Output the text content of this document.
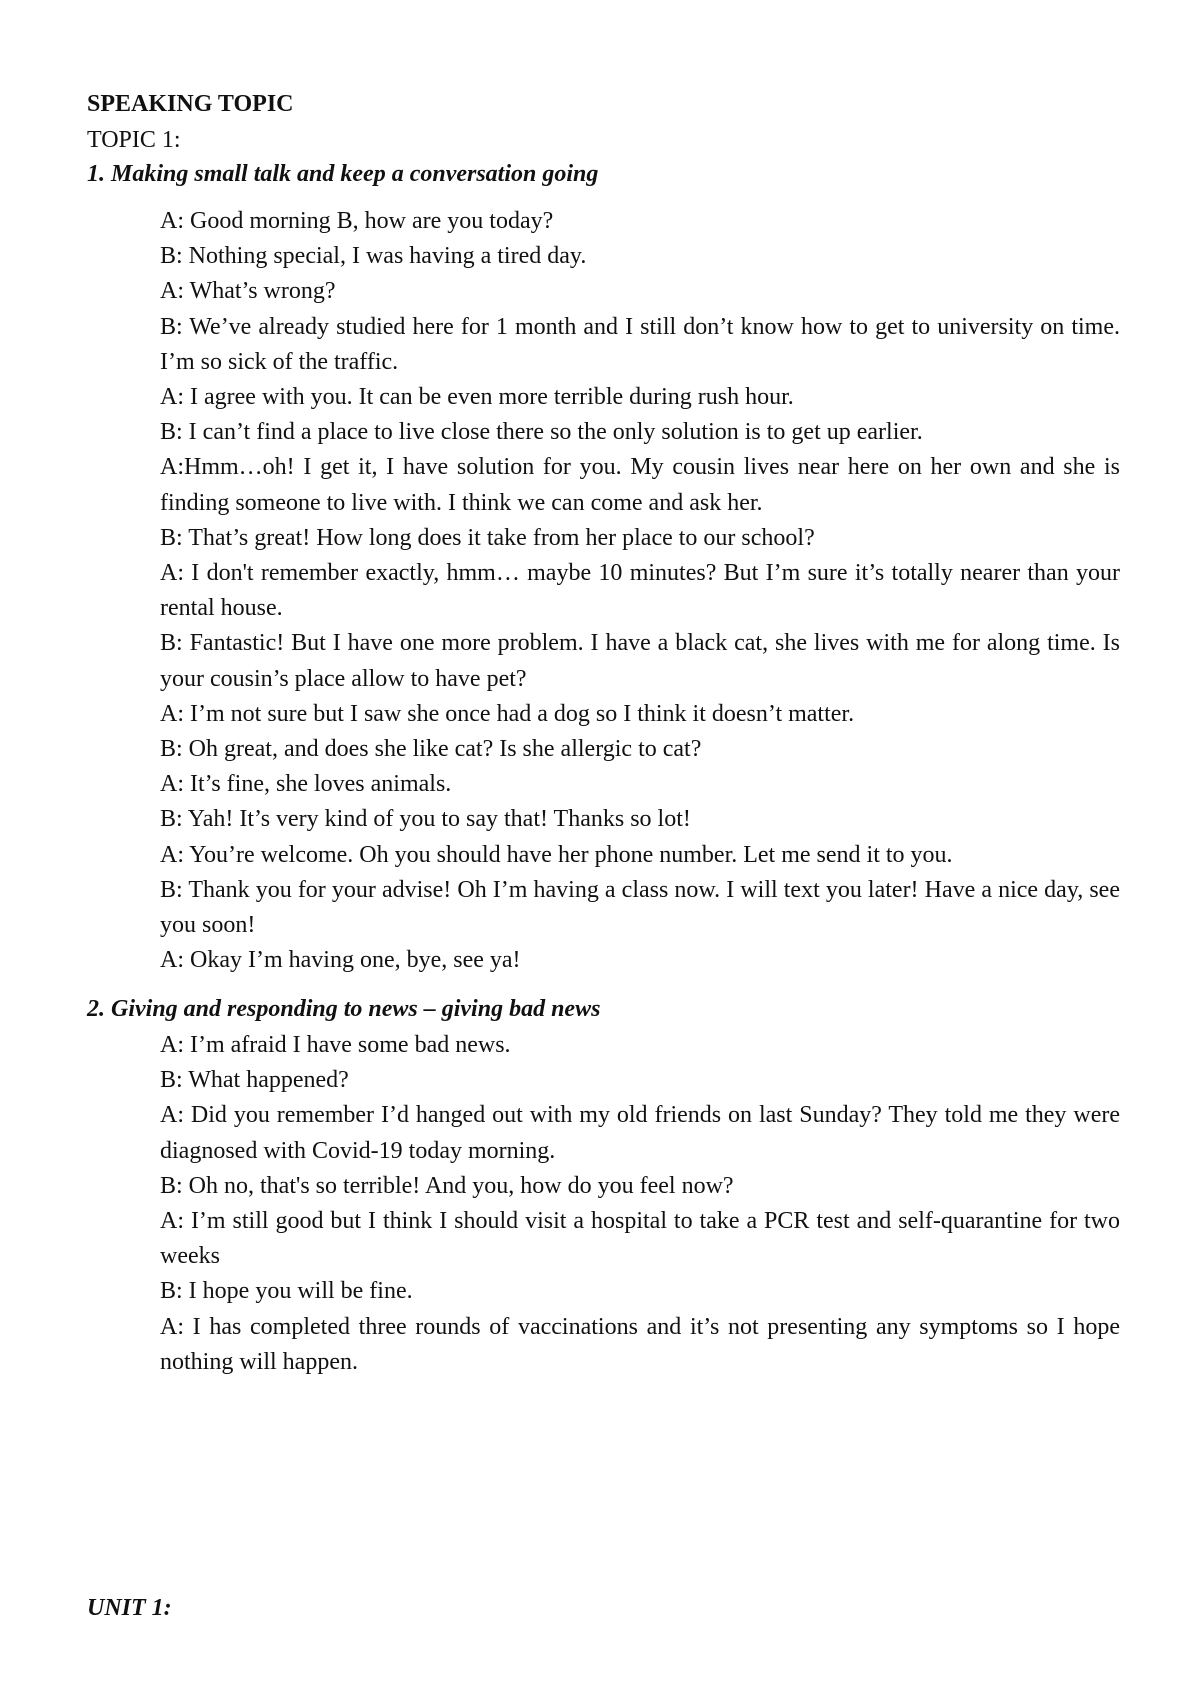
SPEAKING TOPIC

TOPIC 1:

1. Making small talk and keep a conversation going

A: Good morning B, how are you today?

B: Nothing special, I was having a tired day.

A: What’s wrong?

B: We’ve already studied here for 1 month and I still don’t know how to get to university on time. I’m so sick of the traffic.

A: I agree with you. It can be even more terrible during rush hour.

B: I can’t find a place to live close there so the only solution is to get up earlier.

A:Hmm…oh! I get it, I have solution for you. My cousin lives near here on her own and she is finding someone to live with. I think we can come and ask her.

B: That’s great! How long does it take from her place to our school?

A: I don't remember exactly, hmm… maybe 10 minutes? But I’m sure it’s totally nearer than your rental house.

B: Fantastic! But I have one more problem. I have a black cat, she lives with me for along time. Is your cousin’s place allow to have pet?

A: I’m not sure but I saw she once had a dog so I think it doesn’t matter.

B: Oh great, and does she like cat? Is she allergic to cat?

A: It’s fine, she loves animals.

B: Yah! It’s very kind of you to say that! Thanks so lot!

A: You’re welcome. Oh you should have her phone number. Let me send it to you.

B: Thank you for your advise! Oh I’m having a class now. I will text you later! Have a nice day, see you soon!

A: Okay I’m having one, bye, see ya!

2. Giving and responding to news – giving bad news

A: I’m afraid I have some bad news.

B: What happened?

A: Did you remember I’d hanged out with my old friends on last Sunday? They told me they were diagnosed with Covid-19 today morning.

B: Oh no, that's so terrible! And you, how do you feel now?

A: I’m still good but I think I should visit a hospital to take a PCR test and self-quarantine for two weeks

B: I hope you will be fine.

A: I has completed three rounds of vaccinations and it’s not presenting any symptoms so I hope nothing will happen.

UNIT 1:
